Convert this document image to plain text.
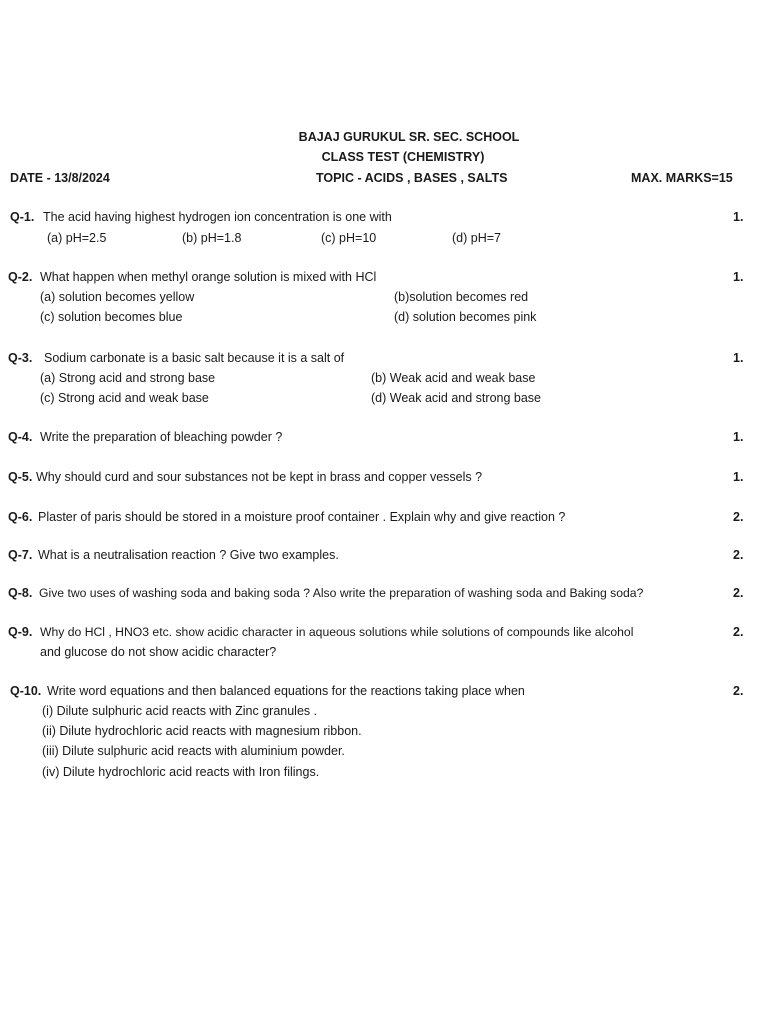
BAJAJ GURUKUL SR. SEC. SCHOOL
CLASS TEST (CHEMISTRY)
DATE - 13/8/2024	TOPIC - ACIDS , BASES , SALTS	MAX. MARKS=15
Q-1. The acid having highest hydrogen ion concentration is one with	1.
(a) pH=2.5	(b) pH=1.8	(c) pH=10	(d) pH=7
Q-2. What happen when methyl orange solution is mixed with HCl	1.
(a) solution becomes yellow	(b)solution becomes red
(c) solution becomes blue	(d) solution becomes pink
Q-3. Sodium carbonate is a basic salt because it is a salt of	1.
(a) Strong acid and strong base	(b) Weak acid and weak base
(c) Strong acid and weak base	(d) Weak acid and strong base
Q-4. Write the preparation of bleaching powder ?	1.
Q-5. Why should curd and sour substances not be kept in brass and copper vessels ?	1.
Q-6. Plaster of paris should be stored in a moisture proof container . Explain why and give reaction ?	2.
Q-7. What is a neutralisation reaction ? Give two examples.	2.
Q-8. Give two uses of washing soda and baking soda ? Also write the preparation of washing soda and Baking soda?	2.
Q-9. Why do HCl , HNO3 etc. show acidic character in aqueous solutions while solutions of compounds like alcohol
and glucose do not show acidic character?
2.
Q-10. Write word equations and then balanced equations for the reactions taking place when	2.
(i) Dilute sulphuric acid reacts with Zinc granules .
(ii) Dilute hydrochloric acid reacts with magnesium ribbon.
(iii) Dilute sulphuric acid reacts with aluminium powder.
(iv) Dilute hydrochloric acid reacts with Iron filings.
